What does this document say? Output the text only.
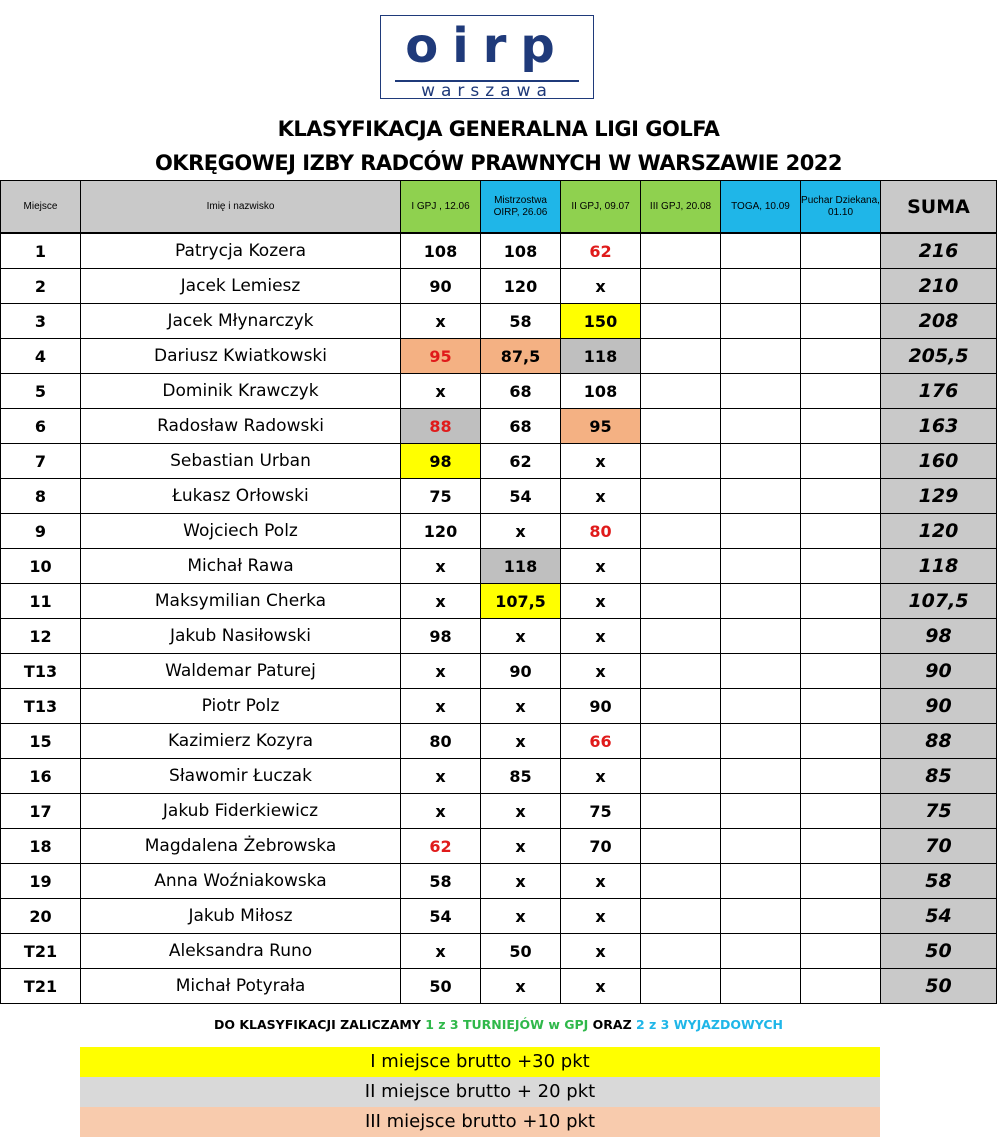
oirp
warszawa
KLASYFIKACJA GENERALNA LIGI GOLFA
OKRĘGOWEJ IZBY RADCÓW PRAWNYCH W WARSZAWIE 2022
Miejsce	Imię i nazwisko	I GPJ , 12.06	Mistrzostwa OIRP, 26.06	II GPJ, 09.07	III GPJ, 20.08	TOGA, 10.09	Puchar Dziekana, 01.10	SUMA
1	Patrycja Kozera	108	108	62				216
2	Jacek Lemiesz	90	120	x				210
3	Jacek Młynarczyk	x	58	150				208
4	Dariusz Kwiatkowski	95	87,5	118				205,5
5	Dominik Krawczyk	x	68	108				176
6	Radosław Radowski	88	68	95				163
7	Sebastian Urban	98	62	x				160
8	Łukasz Orłowski	75	54	x				129
9	Wojciech Polz	120	x	80				120
10	Michał Rawa	x	118	x				118
11	Maksymilian Cherka	x	107,5	x				107,5
12	Jakub Nasiłowski	98	x	x				98
T13	Waldemar Paturej	x	90	x				90
T13	Piotr Polz	x	x	90				90
15	Kazimierz Kozyra	80	x	66				88
16	Sławomir Łuczak	x	85	x				85
17	Jakub Fiderkiewicz	x	x	75				75
18	Magdalena Żebrowska	62	x	70				70
19	Anna Woźniakowska	58	x	x				58
20	Jakub Miłosz	54	x	x				54
T21	Aleksandra Runo	x	50	x				50
T21	Michał Potyrała	50	x	x				50
DO KLASYFIKACJI ZALICZAMY 1 z 3 TURNIEJÓW w GPJ ORAZ 2 z 3 WYJAZDOWYCH
I miejsce brutto +30 pkt
II miejsce brutto + 20 pkt
III miejsce brutto +10 pkt
